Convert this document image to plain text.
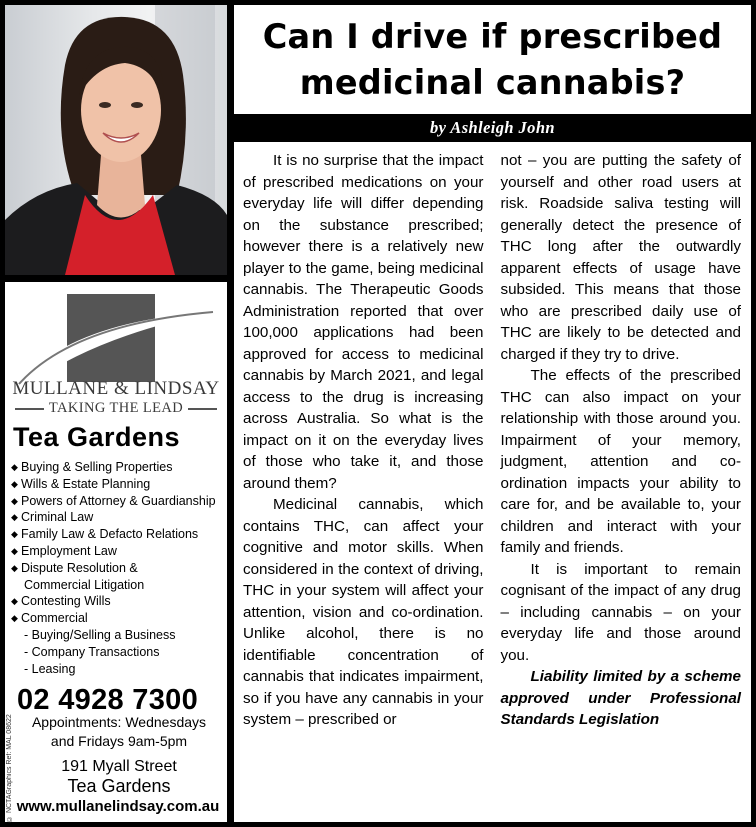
MULLANE & LINDSAY
TAKING THE LEAD
Tea Gardens
◆ Buying & Selling Properties
◆ Wills & Estate Planning
◆ Powers of Attorney & Guardianship
◆ Criminal Law
◆ Family Law & Defacto Relations
◆ Employment Law
◆ Dispute Resolution &
Commercial Litigation
◆ Contesting Wills
◆ Commercial
- Buying/Selling a Business
- Company Transactions
- Leasing
© NCTAGraphics Ref: MAL 08622
02 4928 7300
Appointments: Wednesdays
and Fridays 9am-5pm
191 Myall Street
Tea Gardens
www.mullanelindsay.com.au
Can I drive if prescribed
medicinal cannabis?
by Ashleigh John

It is no surprise that the impact of prescribed medications on your everyday life will differ depending on the substance prescribed; however there is a relatively new player to the game, being medicinal cannabis. The Therapeutic Goods Administration reported that over 100,000 applications had been approved for access to medicinal cannabis by March 2021, and legal access to the drug is increasing across Australia. So what is the impact on it on the everyday lives of those who take it, and those around them?

Medicinal cannabis, which contains THC, can affect your cognitive and motor skills. When considered in the context of driving, THC in your system will affect your attention, vision and co-ordination. Unlike alcohol, there is no identifiable concentration of cannabis that indicates impairment, so if you have any cannabis in your system – prescribed or

not – you are putting the safety of yourself and other road users at risk. Roadside saliva testing will generally detect the presence of THC long after the outwardly apparent effects of usage have subsided. This means that those who are prescribed daily use of THC are likely to be detected and charged if they try to drive.

The effects of the prescribed THC can also impact on your relationship with those around you. Impairment of your memory, judgment, attention and co-ordination impacts your ability to care for, and be available to, your children and interact with your family and friends.

It is important to remain cognisant of the impact of any drug – including cannabis – on your everyday life and those around you.

Liability limited by a scheme approved under Professional Standards Legislation
